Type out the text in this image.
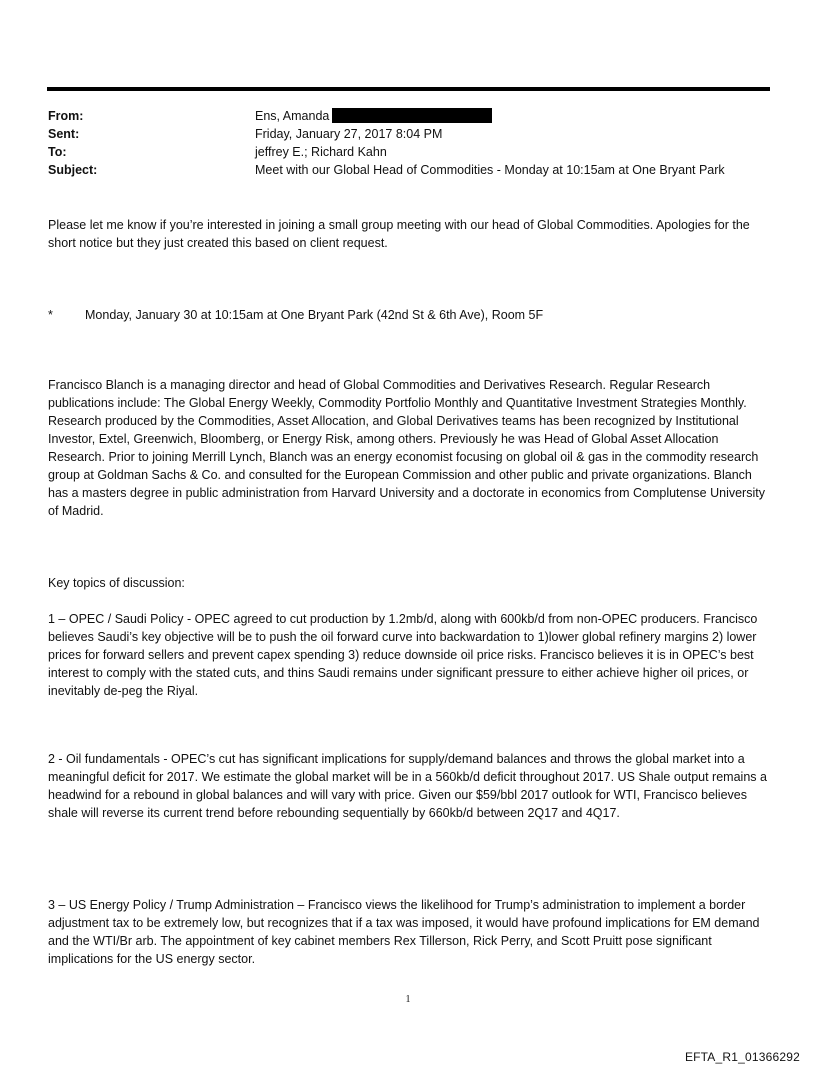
From:	Ens, Amanda
Sent:	Friday, January 27, 2017 8:04 PM
To:	jeffrey E.; Richard Kahn
Subject:	Meet with our Global Head of Commodities - Monday at 10:15am at One Bryant Park

Please let me know if you’re interested in joining a small group meeting with our head of Global Commodities. Apologies for the short notice but they just created this based on client request.

*	Monday, January 30 at 10:15am at One Bryant Park (42nd St & 6th Ave), Room 5F

Francisco Blanch is a managing director and head of Global Commodities and Derivatives Research. Regular Research publications include: The Global Energy Weekly, Commodity Portfolio Monthly and Quantitative Investment Strategies Monthly. Research produced by the Commodities, Asset Allocation, and Global Derivatives teams has been recognized by Institutional Investor, Extel, Greenwich, Bloomberg, or Energy Risk, among others. Previously he was Head of Global Asset Allocation Research. Prior to joining Merrill Lynch, Blanch was an energy economist focusing on global oil & gas in the commodity research group at Goldman Sachs & Co. and consulted for the European Commission and other public and private organizations. Blanch has a masters degree in public administration from Harvard University and a doctorate in economics from Complutense University of Madrid.

Key topics of discussion:

1 – OPEC / Saudi Policy - OPEC agreed to cut production by 1.2mb/d, along with 600kb/d from non-OPEC producers. Francisco believes Saudi’s key objective will be to push the oil forward curve into backwardation to 1)lower global refinery margins 2) lower prices for forward sellers and prevent capex spending 3) reduce downside oil price risks. Francisco believes it is in OPEC’s best interest to comply with the stated cuts, and thins Saudi remains under significant pressure to either achieve higher oil prices, or inevitably de-peg the Riyal.

2 - Oil fundamentals - OPEC’s cut has significant implications for supply/demand balances and throws the global market into a meaningful deficit for 2017. We estimate the global market will be in a 560kb/d deficit throughout 2017. US Shale output remains a headwind for a rebound in global balances and will vary with price. Given our $59/bbl 2017 outlook for WTI, Francisco believes shale will reverse its current trend before rebounding sequentially by 660kb/d between 2Q17 and 4Q17.

3 – US Energy Policy / Trump Administration – Francisco views the likelihood for Trump’s administration to implement a border adjustment tax to be extremely low, but recognizes that if a tax was imposed, it would have profound implications for EM demand and the WTI/Br arb. The appointment of key cabinet members Rex Tillerson, Rick Perry, and Scott Pruitt pose significant implications for the US energy sector.

1
EFTA_R1_01366292
